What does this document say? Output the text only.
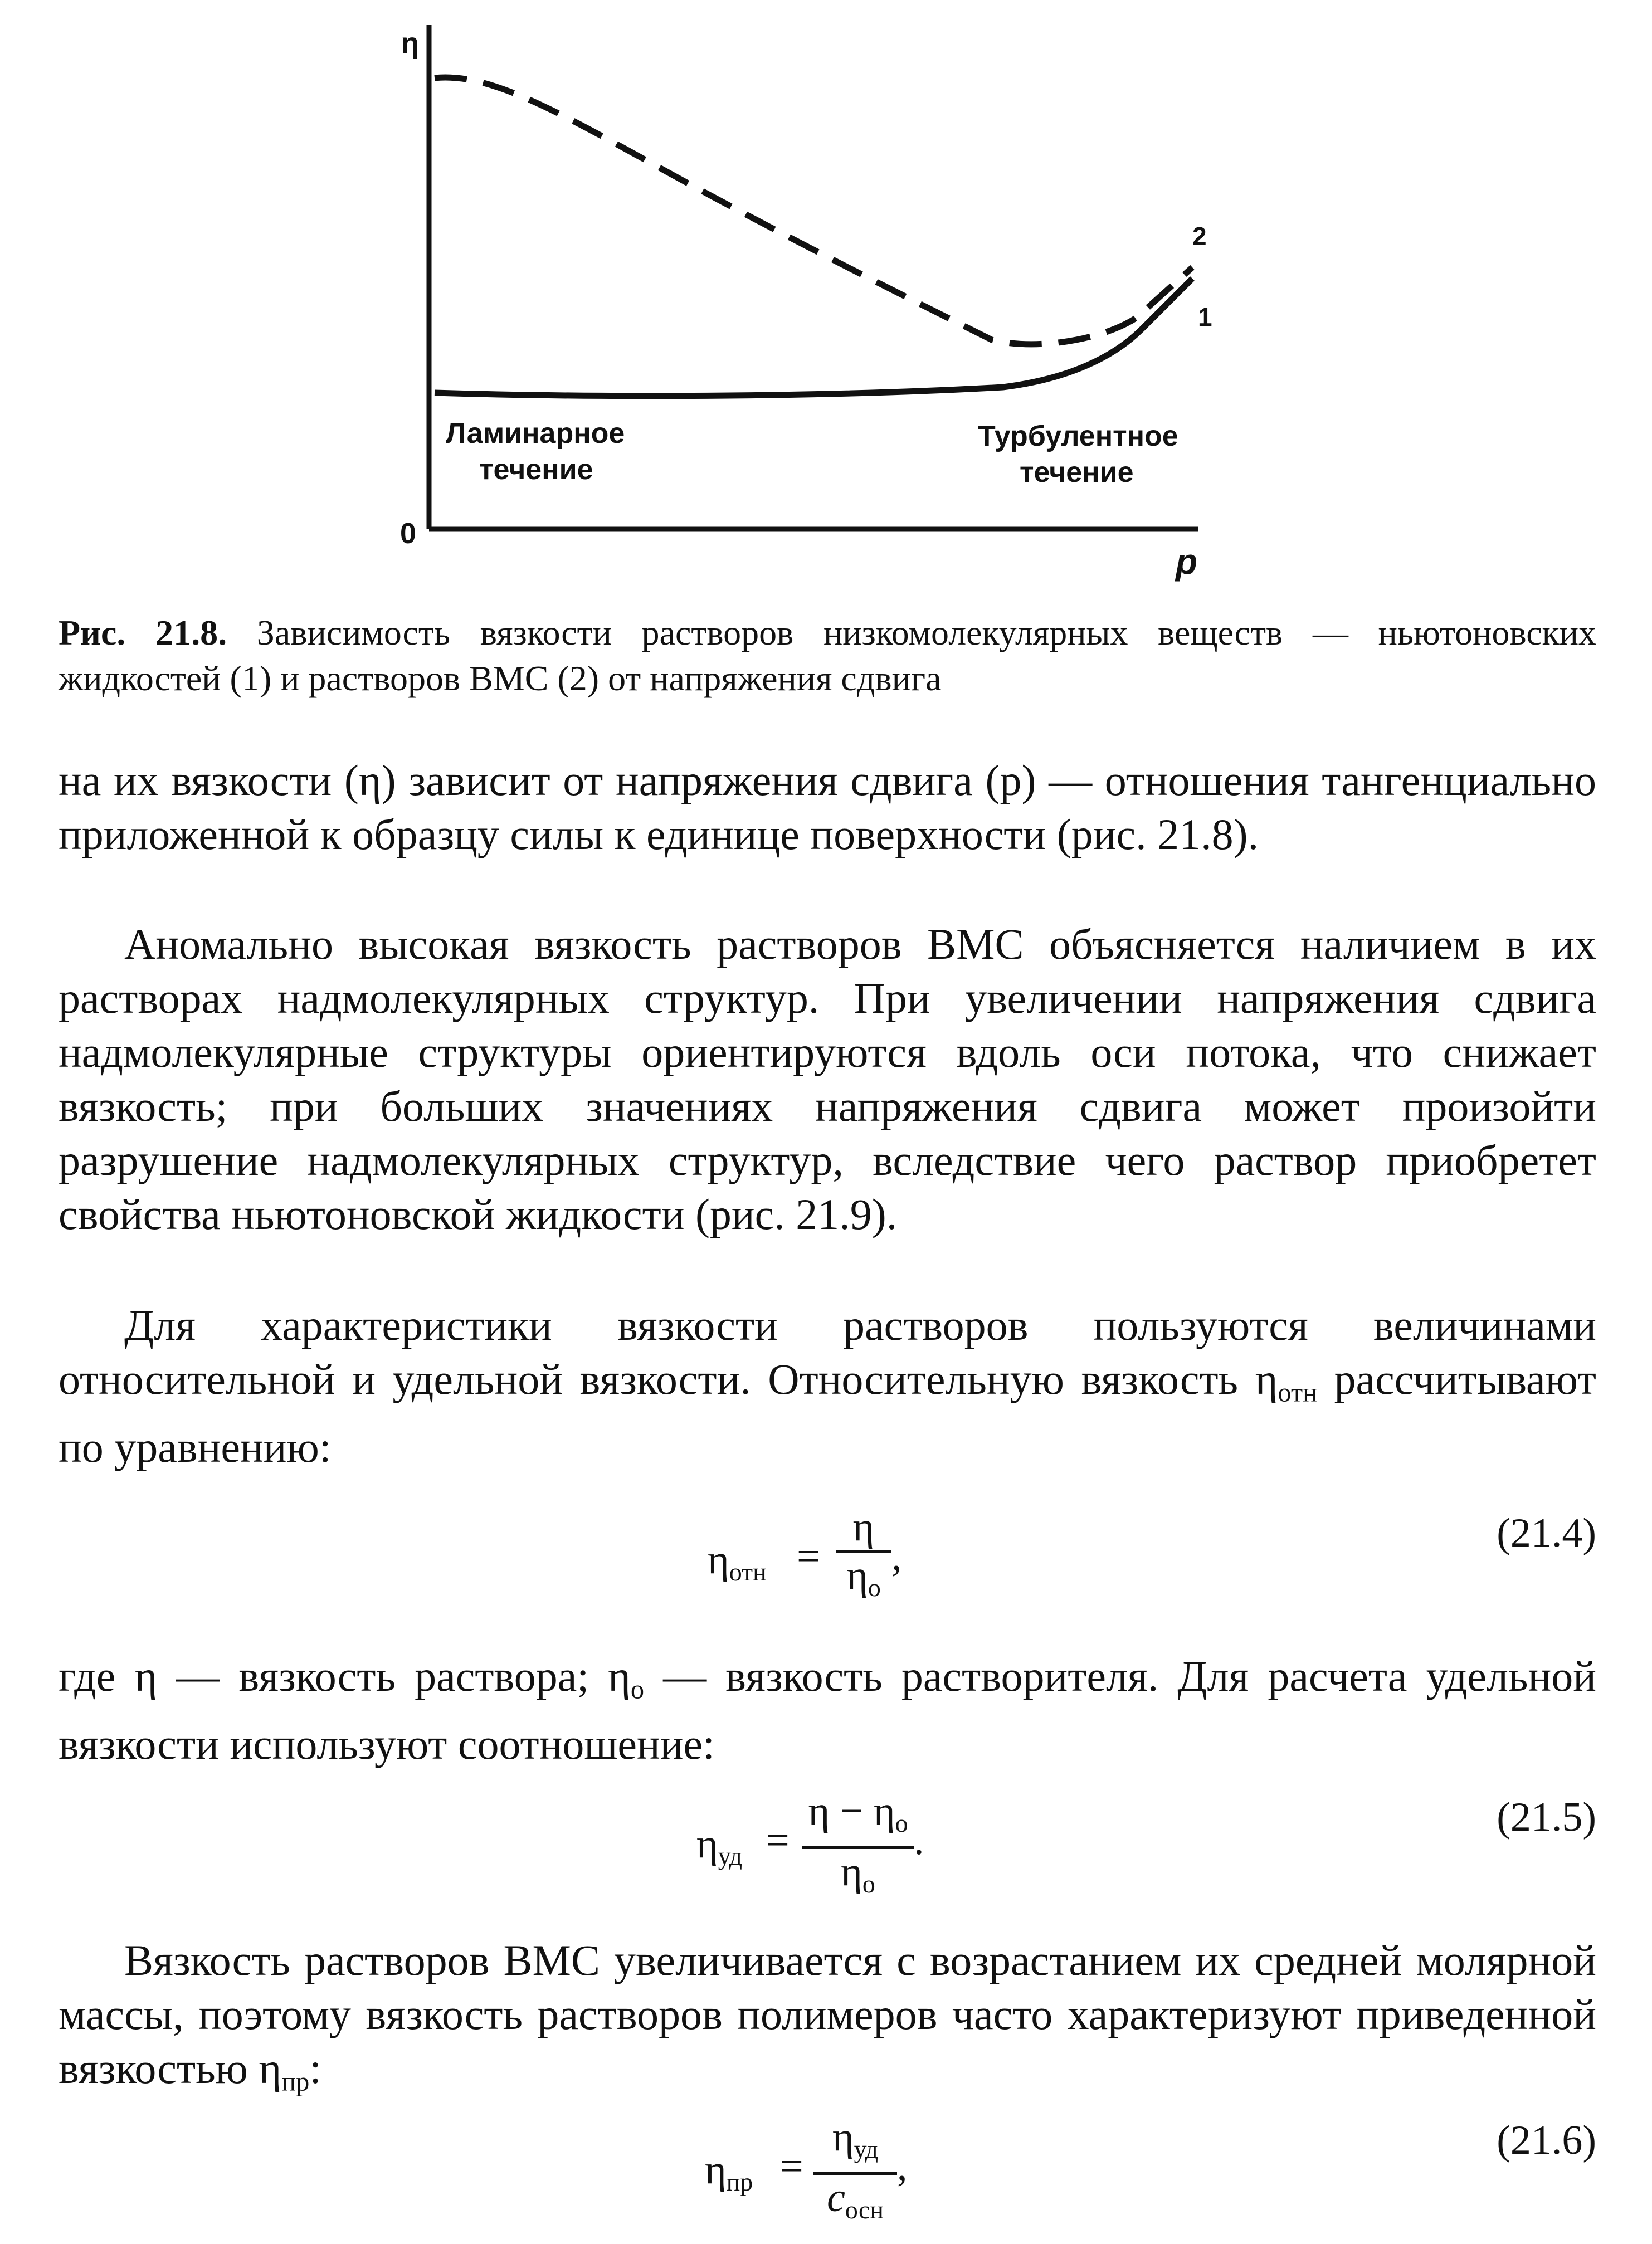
η
0
p
2
1
Ламинарное
течение
Турбулентное
течение
Рис. 21.8. Зависимость вязкости растворов низкомолекулярных веществ — ньютоновских жидкостей (1) и растворов ВМС (2) от напряжения сдвига

на их вязкости (η) зависит от напряжения сдвига (p) — отношения тангенциально приложенной к образцу силы к единице поверхности (рис. 21.8).

Аномально высокая вязкость растворов ВМС объясняется наличием в их растворах надмолекулярных структур. При увеличении напряжения сдвига надмолекулярные структуры ориентируются вдоль оси потока, что снижает вязкость; при больших значениях напряжения сдвига может произойти разрушение надмолекулярных структур, вследствие чего раствор приобретет свойства ньютоновской жидкости (рис. 21.9).

Для характеристики вязкости растворов пользуются величинами относительной и удельной вязкости. Относительную вязкость $\eta_{отн}$ рассчитывают по уравнению:

$\eta_{отн}$ =
η
$\eta_о$
,
(21.4)

где η — вязкость раствора; $\eta_о$ — вязкость растворителя. Для расчета удельной вязкости используют соотношение:

$\eta_{уд}$ =
$\eta - \eta_о$
$\eta_о$
.
(21.5)

Вязкость растворов ВМС увеличивается с возрастанием их средней молярной массы, поэтому вязкость растворов полимеров часто характеризуют приведенной вязкостью $\eta_{пр}$:

$\eta_{пр}$ =
$\eta_{уд}$
$c_{осн}$
,
(21.6)
